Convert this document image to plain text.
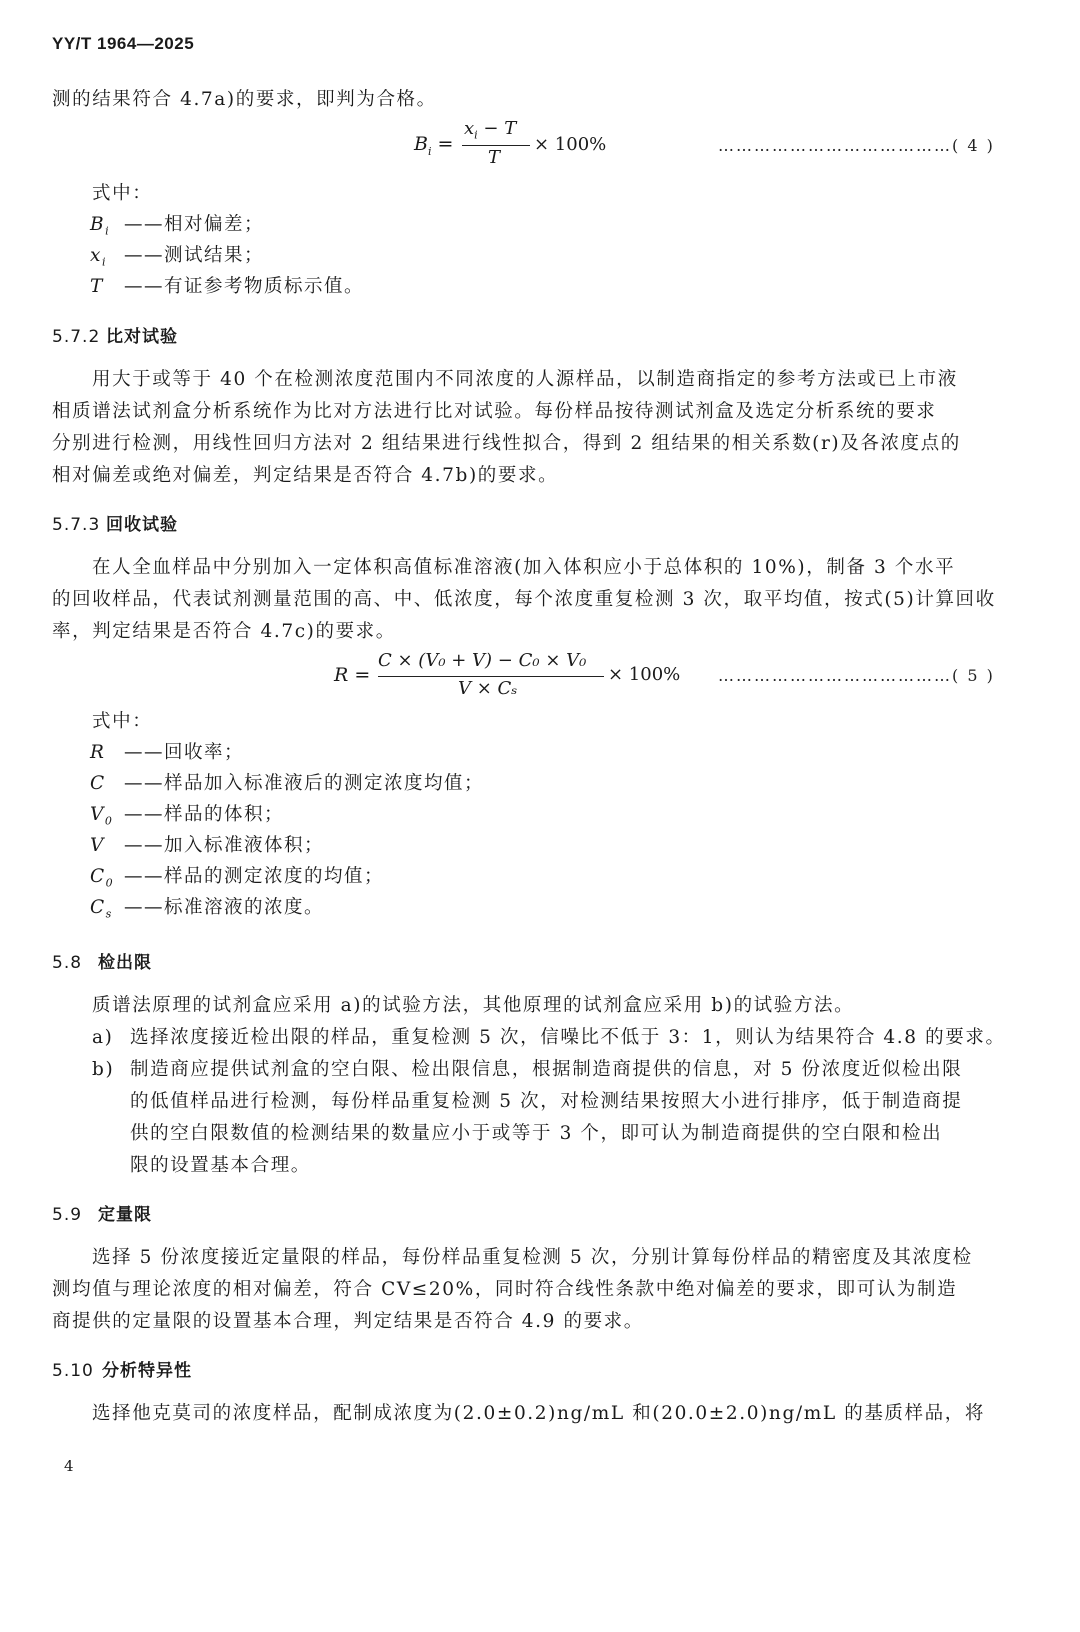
YY/T 1964—2025
测的结果符合 4.7a)的要求，即判为合格。
$B_i$ =
$x_i - T$
T
× 100%	…………………………………( 4 )
式中：
$B_i$ ——相对偏差；
$x_i$ ——测试结果；
T ——有证参考物质标示值。
5.7.2 比对试验
用大于或等于 40 个在检测浓度范围内不同浓度的人源样品，以制造商指定的参考方法或已上市液
相质谱法试剂盒分析系统作为比对方法进行比对试验。每份样品按待测试剂盒及选定分析系统的要求
分别进行检测，用线性回归方法对 2 组结果进行线性拟合，得到 2 组结果的相关系数(r)及各浓度点的
相对偏差或绝对偏差，判定结果是否符合 4.7b)的要求。
5.7.3 回收试验
在人全血样品中分别加入一定体积高值标准溶液(加入体积应小于总体积的 10%)，制备 3 个水平
的回收样品，代表试剂测量范围的高、中、低浓度，每个浓度重复检测 3 次，取平均值，按式(5)计算回收
率，判定结果是否符合 4.7c)的要求。
R =
C × (V₀ + V) − C₀ × V₀
V × Cₛ
× 100% …………………………………( 5 )
式中：
R ——回收率；
C ——样品加入标准液后的测定浓度均值；
$V_0$ ——样品的体积；
V ——加入标准液体积；
$C_0$ ——样品的测定浓度的均值；
$C_s$ ——标准溶液的浓度。
5.8 检出限
质谱法原理的试剂盒应采用 a)的试验方法，其他原理的试剂盒应采用 b)的试验方法。
a) 选择浓度接近检出限的样品，重复检测 5 次，信噪比不低于 3：1，则认为结果符合 4.8 的要求。
b) 制造商应提供试剂盒的空白限、检出限信息，根据制造商提供的信息，对 5 份浓度近似检出限
的低值样品进行检测，每份样品重复检测 5 次，对检测结果按照大小进行排序，低于制造商提
供的空白限数值的检测结果的数量应小于或等于 3 个，即可认为制造商提供的空白限和检出
限的设置基本合理。
5.9 定量限
选择 5 份浓度接近定量限的样品，每份样品重复检测 5 次，分别计算每份样品的精密度及其浓度检
测均值与理论浓度的相对偏差，符合 CV≤20%，同时符合线性条款中绝对偏差的要求，即可认为制造
商提供的定量限的设置基本合理，判定结果是否符合 4.9 的要求。
5.10 分析特异性
选择他克莫司的浓度样品，配制成浓度为(2.0±0.2)ng/mL 和(20.0±2.0)ng/mL 的基质样品，将
4
